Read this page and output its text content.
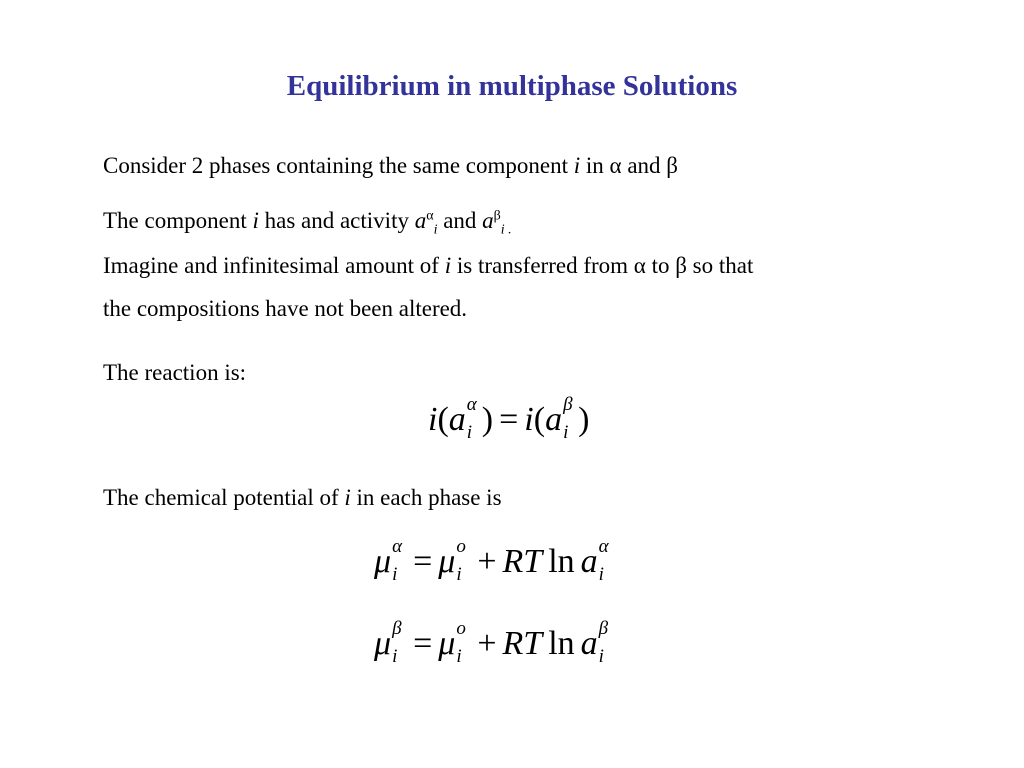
Equilibrium in multiphase Solutions
Consider 2 phases containing the same component i in α and β
The component i has and activity $a^\alpha_i$ and $a^\beta_{i .}$
Imagine and infinitesimal amount of i is transferred from α to β so that
the compositions have not been altered.
The reaction is:
i(a α
i ) = i(a β
i )
The chemical potential of i in each phase is
μ α
i = μ o
i + RT ln a α
i
μ β
i = μ o
i + RT ln a β
i
